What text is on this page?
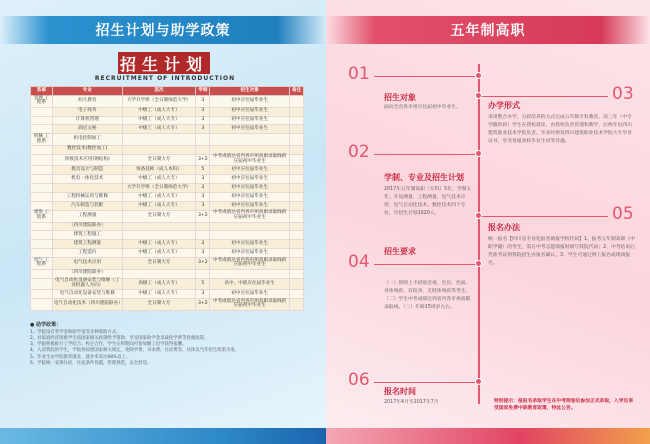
招生计划与助学政策
招生计划
RECRUITMENT OF INTRODUCTION
系部	专业	层次	学制	招生对象	备注
管理 工程系	幼儿教育	大学升学班（全日制师范大学）	3	初中应往届毕业生	
	电子商务	中级工（成人大专）	3	初中应往届毕业生	
	计算机管理	中级工（成人大专）	3	初中应往届毕业生	
	酒店文秘	中级工（成人大专）	3	初中应往届毕业生	
机械 工程系	机电控制加工				
	数控技术(数控加工)				
	焊接技术应用(钢结构)	全日制大专	3+2	中考成绩达省内各市州高职录取线的应届初中毕业生	
	模具设计与制造	预备技师（成人本科）	5	初中应往届毕业生	
	机电一体化技术	中级工（成人大专）	3	初中应往届毕业生	
		大学升学班（全日制师范大学）	3	初中应往届毕业生	
	工程机械运用与维修	中级工（成人大专）	3	初中应往届毕业生	
	汽车制造与装配	中级工（成人大专）	3	初中应往届毕业生	
建筑 工程系	工程测量	全日制大专	3+2	中考成绩达省内各市州高职录取线的应届初中毕业生	
	（四川建院联办）				
	建筑工程施工				
	建筑工程测量	中级工（成人大专）	3	初中应往届毕业生	
	工程造价	中级工（成人大专）	3	初中应往届毕业生	
电气 工程系	电气技术应用	全日制大专	3+2	中考成绩达省内各市州高职录取线的应届初中毕业生	
	（四川建院联办）				
	电气自动化设备安装与维修（工业机器人方向）	高级工（成人大专）	5	高中、中职应往届毕业生	
	电气自动化设备安装与维修	中级工（成人大专）	3	初中应往届毕业生	
	电气自动化技术（四川建院联办）	全日制大专	3+2	中考成绩达省内各市州高职录取线的应届初中毕业生	
● 助学政策：
1、学院设有奖学金和助学金等多种资助方式。
2、对家庭经济困难学生按国家相关政策给予资助，享受国家助学金及减免学费等优惠政策。
3、学院积极推行工学结合、校企合作，学生在校期间可参加勤工俭学获得报酬。
4、入读我院的学生，学院将按照国家相关规定，免除学费、书本费、住宿费等，具体以当年招生政策为准。
5、毕业生由学院推荐就业，就业率高达98%以上。
6、学院统一安排住宿，住宿条件优越，管理规范，安全舒适。
五年制高职
01
招生对象
面向全省各市州应往届初中毕业生。
02
学制、专业及招生计划
2017年五年制高职（专科）5年，学制五年。开设测量、工程测量、电气技术应用、电气自动化技术、数控技术四个专业，年招生计划1020人。
03
办学形式
采用整合办学，分段培养的方式完成五年制专科教育，前三年（中专学籍阶段）学生在我校就读，由我校负责管理和教学，后两年由四川建筑职业技术学院负责。毕业时颁发四川建筑职业技术学院大专毕业证书，享受普通高校毕业生同等待遇。
04
招生要求
（一）原则上不招收近视、色盲、色弱、身体残疾、有纹身、无肢体残疾等考生。（二）学生中考成绩达到省内各市州高职录取线。（三）年龄15周岁左右。
05
报名办法
统一报名【四川省专业化报名填报学校代码】1、报考五年制高职（中职学籍）的考生，需在中考志愿填报时填写我院代码；2、中考结束后凭准考证到我院招生办报名确认。3、学生可通过网上报名或现场报名。
06
报名时间
2017年4月至2017年7月	特别提示：报报名录取学生在中考阅卷后参加正式录取，入学后享受国家免费中职教育政策，特此公告。
